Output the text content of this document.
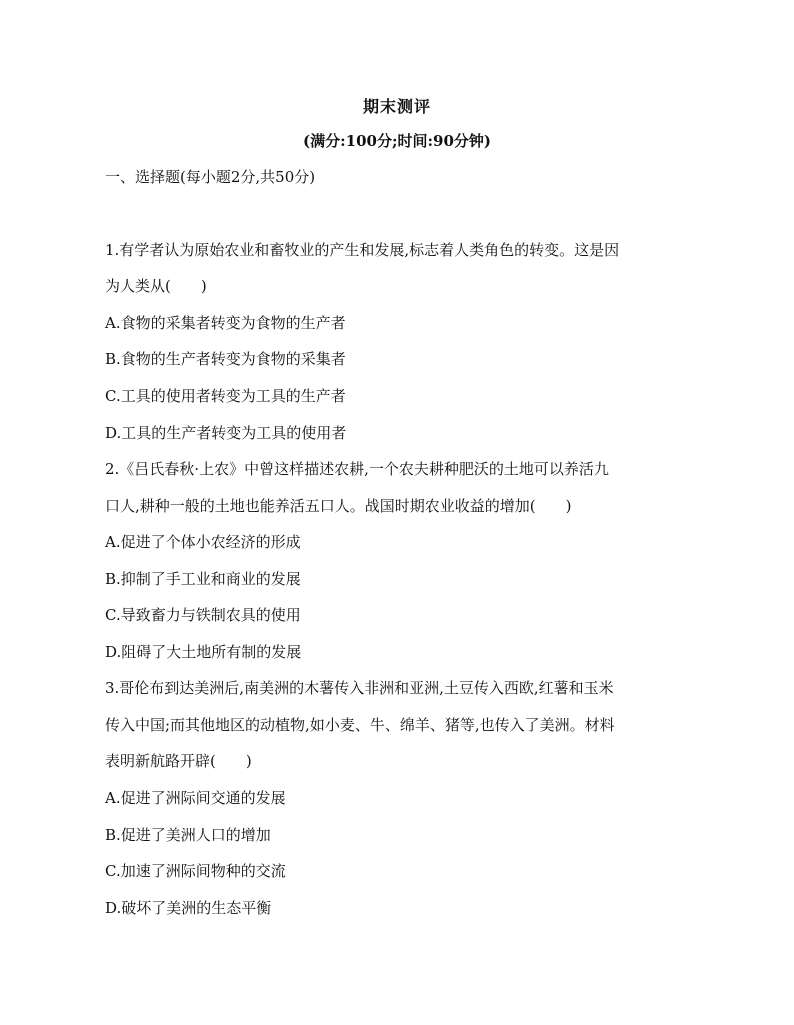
期末测评
(满分:100分;时间:90分钟)
一、选择题(每小题2分,共50分)
1.有学者认为原始农业和畜牧业的产生和发展,标志着人类角色的转变。这是因
为人类从(　　)
A.食物的采集者转变为食物的生产者
B.食物的生产者转变为食物的采集者
C.工具的使用者转变为工具的生产者
D.工具的生产者转变为工具的使用者
2.《吕氏春秋·上农》中曾这样描述农耕,一个农夫耕种肥沃的土地可以养活九
口人,耕种一般的土地也能养活五口人。战国时期农业收益的增加(　　)
A.促进了个体小农经济的形成
B.抑制了手工业和商业的发展
C.导致畜力与铁制农具的使用
D.阻碍了大土地所有制的发展
3.哥伦布到达美洲后,南美洲的木薯传入非洲和亚洲,土豆传入西欧,红薯和玉米
传入中国;而其他地区的动植物,如小麦、牛、绵羊、猪等,也传入了美洲。材料
表明新航路开辟(　　)
A.促进了洲际间交通的发展
B.促进了美洲人口的增加
C.加速了洲际间物种的交流
D.破坏了美洲的生态平衡
